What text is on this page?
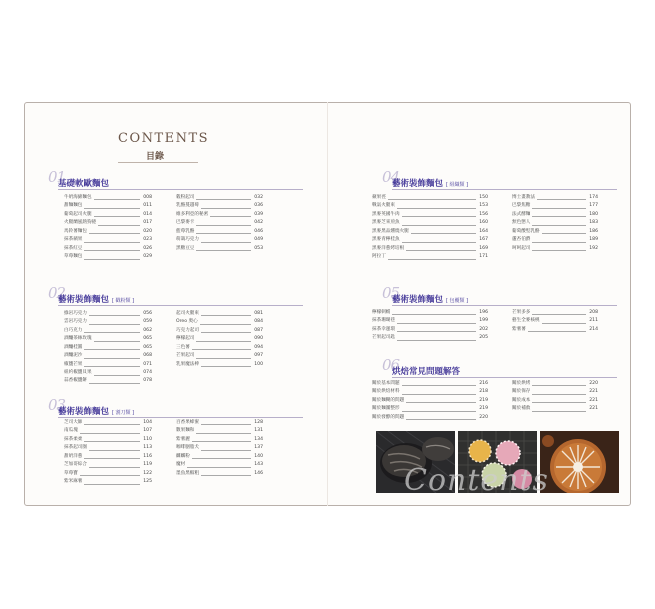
CONTENTS
目錄
01
基礎軟歐麵包
牛奶海綿麵包	008
甜麵麵包	011
葡萄起司火腿	014
火腿蘭風熱狗捲	017
馬鈴薯麵包	020
抹茶蘋果	023
抹茶紅豆	026
草莓麵包	029
穀粉起司	032
乳酪蔓越莓	036
維多利亞的秘密	039
巴黎麥卡	042
藍莓乳酪	046
萌鴿巧克力	049
黑糖豆豆	053
02
藝術裝飾麵包 [ 戳粉類 ]
綠岩巧克力	056
雲岩巧克力	059
白巧克力	062
酒釀茶絲玫瑰	065
酒釀桂圓	065
酒釀泥沙	068
椒鹽芒果	071
紐約椒鹽貝果	074
蒜香椒鹽餅	078
起司火腿束	081
Oreo 奧心	084
巧克力起司	087
檸檬起司	090
三色薯	094
芒果起司	097
乳果魔法棒	100
03
藝術裝飾麵包 [ 割刀類 ]
芝司大師	104
南瓜塊	107
抹茶柔柔	110
抹茶起司圈	113
甜奶洋蔥	116
芝加哥綜合	119
草莓寶	122
紫米麻薯	125
百香果蜂蜜	128
數果麵和	131
紫薯麗	134
咖啡胭脂犬	137
麟麟粉	140
魔材	143
墨魚黑椒粗	146
04
藝術裝飾麵包 [ 組織類 ]
蘋果徑	150
戰氣火腿束	153
黑麥英國牛肉	156
黑麥芝來煎魚	160
黑麥黑品燻燒火腿	164
黑麥青檸桂魚	167
黑麥洋蔥烤培根	169
阿拉丁	171
博士畫教法	174
巴黎焦糖	177
法式酵麵	180
無色戀人	183
葡萄酸堅乳酪	186
蘆杏伯爵	189
呵呵起司	192
05
藝術裝飾麵包 [ 包覆類 ]
檸檬刺蝟	196
抹茶珊瑚巷	199
抹茶幸運環	202
芒果起司匙	205
芒果多多	208
藝生全麥核桃	211
紫薯薯	214
06
烘焙常見問題解答
關於基本問題	216
關於烘焙材料	218
關於麵糊的問題	219
關於麵團整形	219
關於發酵的問題	220
關於烘烤	220
關於保存	221
關於成本	221
關於補救	221
Contents
